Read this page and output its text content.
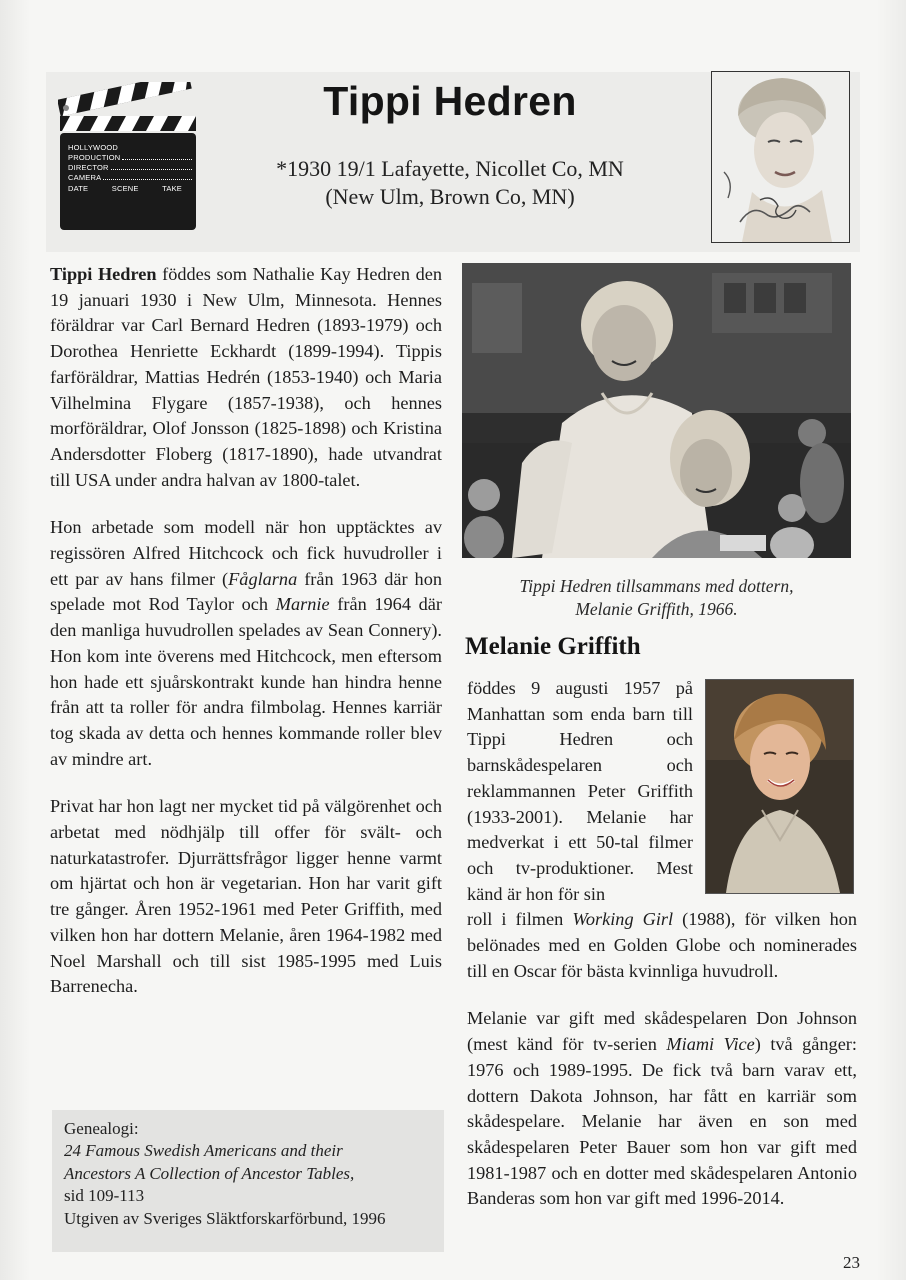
HOLLYWOOD
PRODUCTION
DIRECTOR
CAMERA
DATE	SCENE	TAKE
Tippi Hedren
*1930 19/1 Lafayette, Nicollet Co, MN
(New Ulm, Brown Co, MN)

Tippi Hedren föddes som Nathalie Kay Hedren den 19 januari 1930 i New Ulm, Minnesota. Hennes föräldrar var Carl Bernard Hedren (1893-1979) och Dorothea Henriette Eckhardt (1899-1994). Tippis farföräldrar, Mattias Hedrén (1853-1940) och Maria Vilhelmina Flygare (1857-1938), och hennes morföräldrar, Olof Jonsson (1825-1898) och Kristina Andersdotter Floberg (1817-1890), hade utvandrat till USA under andra halvan av 1800-talet.

Hon arbetade som modell när hon upptäcktes av regissören Alfred Hitchcock och fick huvudroller i ett par av hans filmer (Fåglarna från 1963 där hon spelade mot Rod Taylor och Marnie från 1964 där den manliga huvudrollen spelades av Sean Connery). Hon kom inte överens med Hitchcock, men eftersom hon hade ett sjuårskontrakt kunde han hindra henne från att ta roller för andra filmbolag. Hennes karriär tog skada av detta och hennes kommande roller blev av mindre art.

Privat har hon lagt ner mycket tid på välgörenhet och arbetat med nödhjälp till offer för svält- och naturkatastrofer. Djurrättsfrågor ligger henne varmt om hjärtat och hon är vegetarian. Hon har varit gift tre gånger. Åren 1952-1961 med Peter Griffith, med vilken hon har dottern Melanie, åren 1964-1982 med Noel Marshall och till sist 1985-1995 med Luis Barrenecha.

Genealogi:
24 Famous Swedish Americans and their
Ancestors A Collection of Ancestor Tables,
sid 109-113
Utgiven av Sveriges Släktforskarförbund, 1996
Tippi Hedren tillsammans med dottern,
Melanie Griffith, 1966.
Melanie Griffith

föddes 9 augusti 1957 på Manhattan som enda barn till Tippi Hedren och barnskådespelaren och reklammannen Peter Griffith (1933-2001). Melanie har medverkat i ett 50-tal filmer och tv-produktioner. Mest känd är hon för sin
roll i filmen Working Girl (1988), för vilken hon belönades med en Golden Globe och nominerades till en Oscar för bästa kvinnliga huvudroll.

Melanie var gift med skådespelaren Don Johnson (mest känd för tv-serien Miami Vice) två gånger: 1976 och 1989-1995. De fick två barn varav ett, dottern Dakota Johnson, har fått en karriär som skådespelare. Melanie har även en son med skådespelaren Peter Bauer som hon var gift med 1981-1987 och en dotter med skådespelaren Antonio Banderas som hon var gift med 1996-2014.

23
